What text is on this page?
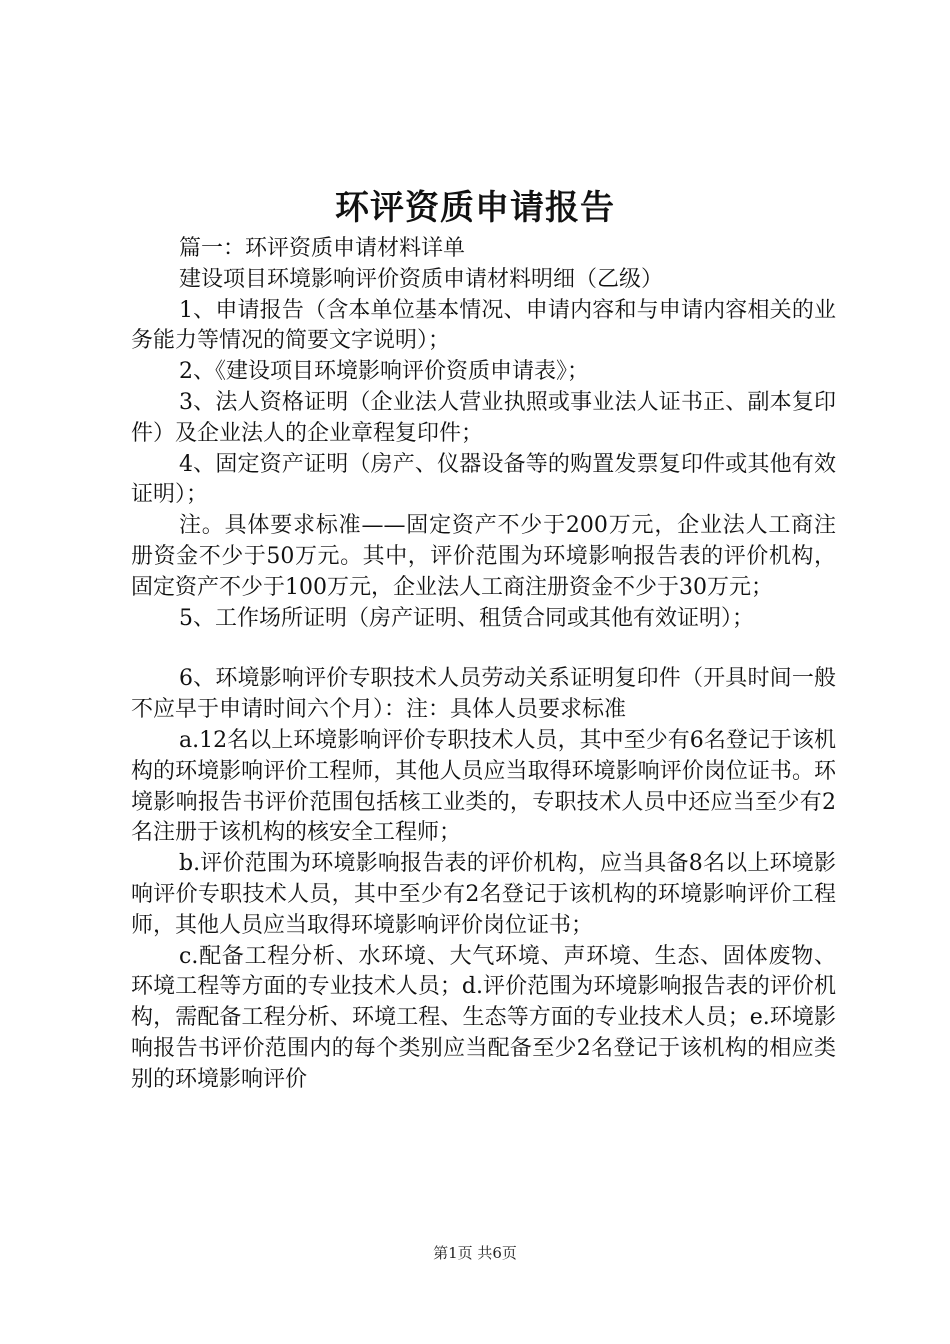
环评资质申请报告

篇一：环评资质申请材料详单

建设项目环境影响评价资质申请材料明细（乙级）

1、申请报告（含本单位基本情况、申请内容和与申请内容相关的业务能力等情况的简要文字说明）；

2、《建设项目环境影响评价资质申请表》；

3、法人资格证明（企业法人营业执照或事业法人证书正、副本复印件）及企业法人的企业章程复印件；

4、固定资产证明（房产、仪器设备等的购置发票复印件或其他有效证明）；

注。具体要求标准——固定资产不少于200万元，企业法人工商注册资金不少于50万元。其中，评价范围为环境影响报告表的评价机构，固定资产不少于100万元，企业法人工商注册资金不少于30万元；

5、工作场所证明（房产证明、租赁合同或其他有效证明）；

6、环境影响评价专职技术人员劳动关系证明复印件（开具时间一般不应早于申请时间六个月）：注：具体人员要求标准

a.12名以上环境影响评价专职技术人员，其中至少有6名登记于该机构的环境影响评价工程师，其他人员应当取得环境影响评价岗位证书。环境影响报告书评价范围包括核工业类的，专职技术人员中还应当至少有2名注册于该机构的核安全工程师；

b.评价范围为环境影响报告表的评价机构，应当具备8名以上环境影响评价专职技术人员，其中至少有2名登记于该机构的环境影响评价工程师，其他人员应当取得环境影响评价岗位证书；

c.配备工程分析、水环境、大气环境、声环境、生态、固体废物、环境工程等方面的专业技术人员；d.评价范围为环境影响报告表的评价机构，需配备工程分析、环境工程、生态等方面的专业技术人员；e.环境影响报告书评价范围内的每个类别应当配备至少2名登记于该机构的相应类别的环境影响评价

第1页 共6页
